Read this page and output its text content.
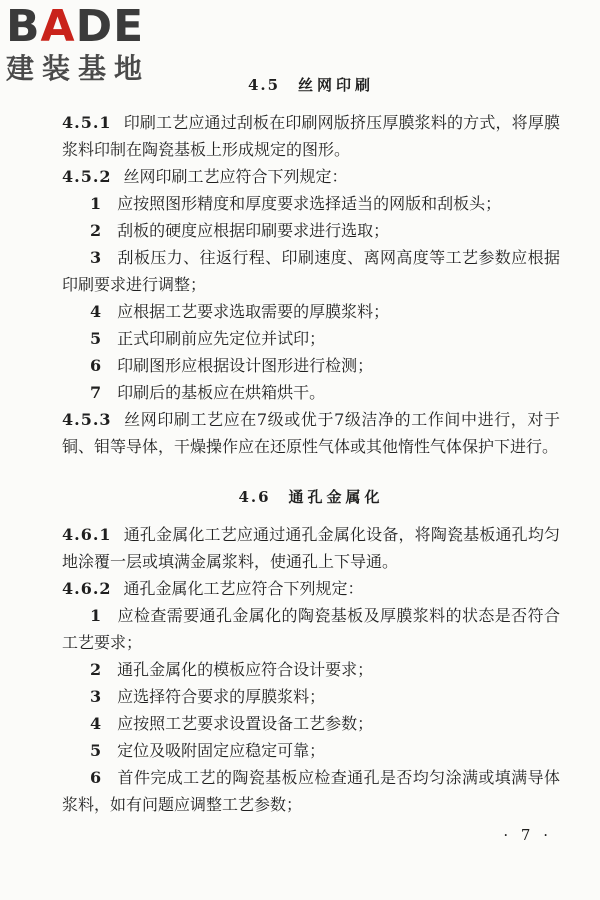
BADE
建装基地	4.5 丝网印刷

4.5.1 印刷工艺应通过刮板在印刷网版挤压厚膜浆料的方式，将厚膜浆料印制在陶瓷基板上形成规定的图形。

4.5.2 丝网印刷工艺应符合下列规定：

1 应按照图形精度和厚度要求选择适当的网版和刮板头；

2 刮板的硬度应根据印刷要求进行选取；

3 刮板压力、往返行程、印刷速度、离网高度等工艺参数应根据印刷要求进行调整；

4 应根据工艺要求选取需要的厚膜浆料；

5 正式印刷前应先定位并试印；

6 印刷图形应根据设计图形进行检测；

7 印刷后的基板应在烘箱烘干。

4.5.3 丝网印刷工艺应在7级或优于7级洁净的工作间中进行，对于铜、钼等导体，干燥操作应在还原性气体或其他惰性气体保护下进行。

4.6 通孔金属化

4.6.1 通孔金属化工艺应通过通孔金属化设备，将陶瓷基板通孔均匀地涂覆一层或填满金属浆料，使通孔上下导通。

4.6.2 通孔金属化工艺应符合下列规定：

1 应检查需要通孔金属化的陶瓷基板及厚膜浆料的状态是否符合工艺要求；

2 通孔金属化的模板应符合设计要求；

3 应选择符合要求的厚膜浆料；

4 应按照工艺要求设置设备工艺参数；

5 定位及吸附固定应稳定可靠；

6 首件完成工艺的陶瓷基板应检查通孔是否均匀涂满或填满导体浆料，如有问题应调整工艺参数；

· 7 ·
